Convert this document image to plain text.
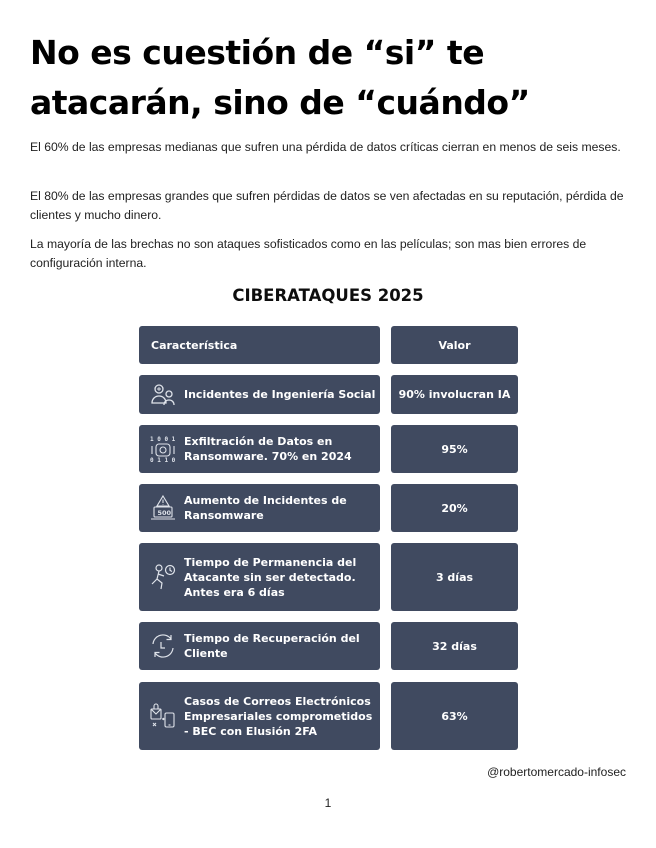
No es cuestión de “si” te atacarán, sino de “cuándo”
El 60% de las empresas medianas que sufren una pérdida de datos críticas cierran en menos de seis meses.
El 80% de las empresas grandes que sufren pérdidas de datos se ven afectadas en su reputación, pérdida de clientes y mucho dinero.
La mayoría de las brechas no son ataques sofisticados como en las películas; son mas bien errores de configuración interna.
CIBERATAQUES 2025
Característica	Valor
Incidentes de Ingeniería Social	90% involucran IA
1 0 0 1
0 1 1 0
Exfiltración de Datos en Ransomware. 70% en 2024
95%
500
Aumento de Incidentes de Ransomware
20%
Tiempo de Permanencia del Atacante sin ser detectado. Antes era 6 días
3 días
Tiempo de Recuperación del Cliente
32 días
Casos de Correos Electrónicos Empresariales comprometidos - BEC con Elusión 2FA
63%
@robertomercado-infosec
1
